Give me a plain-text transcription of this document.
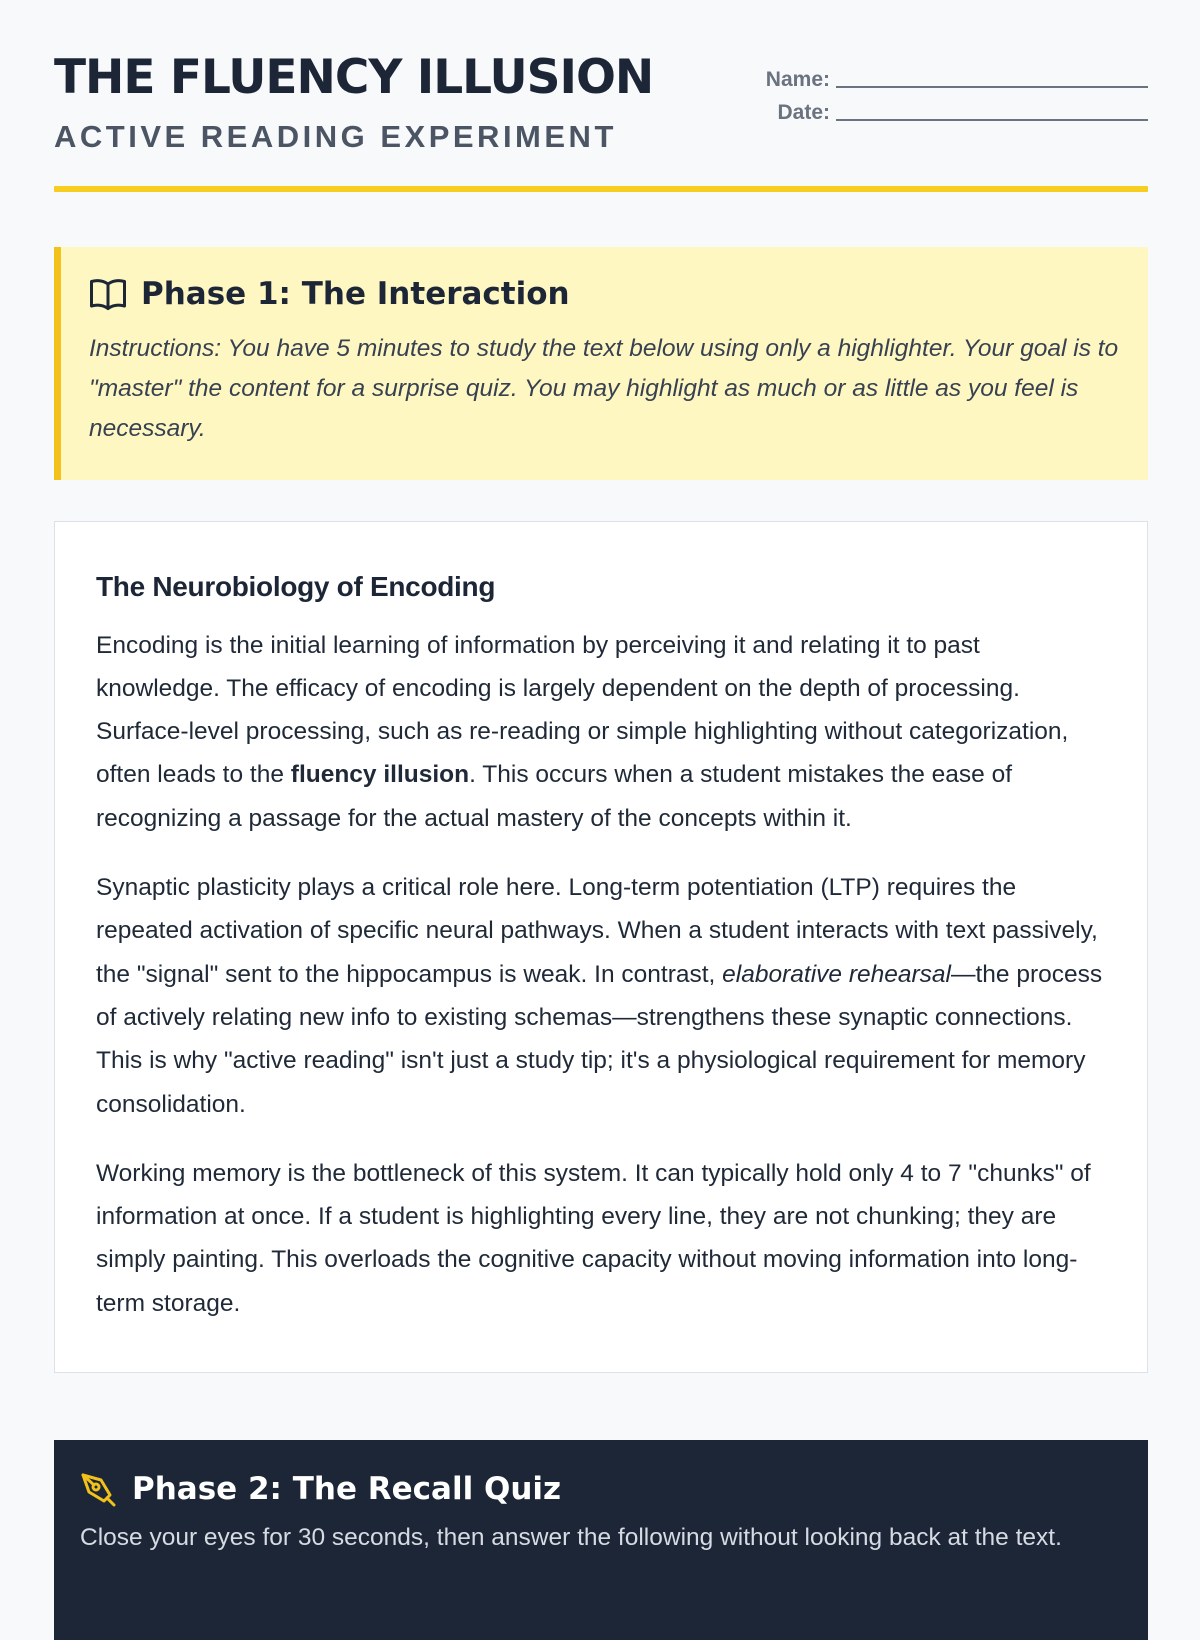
THE FLUENCY ILLUSION
ACTIVE READING EXPERIMENT
Name:
Date:
Phase 1: The Interaction

Instructions: You have 5 minutes to study the text below using only a highlighter. Your goal is to "master" the content for a surprise quiz. You may highlight as much or as little as you feel is necessary.

The Neurobiology of Encoding

Encoding is the initial learning of information by perceiving it and relating it to past knowledge. The efficacy of encoding is largely dependent on the depth of processing. Surface-level processing, such as re-reading or simple highlighting without categorization, often leads to the fluency illusion. This occurs when a student mistakes the ease of recognizing a passage for the actual mastery of the concepts within it.

Synaptic plasticity plays a critical role here. Long-term potentiation (LTP) requires the repeated activation of specific neural pathways. When a student interacts with text passively, the "signal" sent to the hippocampus is weak. In contrast, elaborative rehearsal—the process of actively relating new info to existing schemas—strengthens these synaptic connections. This is why "active reading" isn't just a study tip; it's a physiological requirement for memory consolidation.

Working memory is the bottleneck of this system. It can typically hold only 4 to 7 "chunks" of information at once. If a student is highlighting every line, they are not chunking; they are simply painting. This overloads the cognitive capacity without moving information into long-term storage.

Phase 2: The Recall Quiz

Close your eyes for 30 seconds, then answer the following without looking back at the text.
